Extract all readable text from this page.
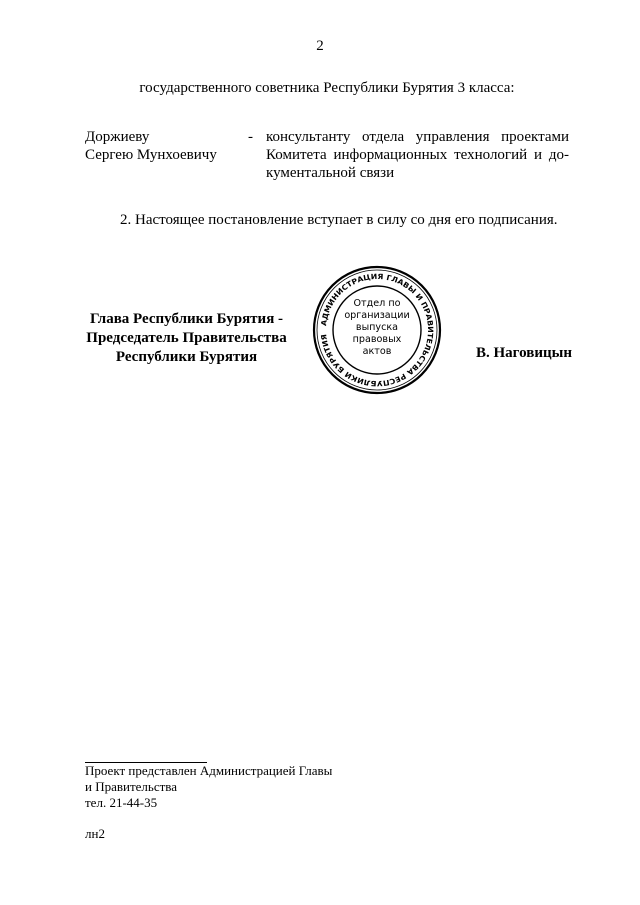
2
государственного советника Республики Бурятия 3 класса:
Доржиеву
Сергею Мунхоевичу
- консультанту отдела управления проектами
Комитета информационных технологий и до-
кументальной связи
2. Настоящее постановление вступает в силу со дня его подписания.
Глава Республики Бурятия -
Председатель Правительства
Республики Бурятия
АДМИНИСТРАЦИЯ ГЛАВЫ И ПРАВИТЕЛЬСТВА РЕСПУБЛИКИ БУРЯТИЯ
Отдел по
организации
выпуска
правовых
актов	В. Наговицын
Проект представлен Администрацией Главы
и Правительства
тел. 21-44-35
лн2
